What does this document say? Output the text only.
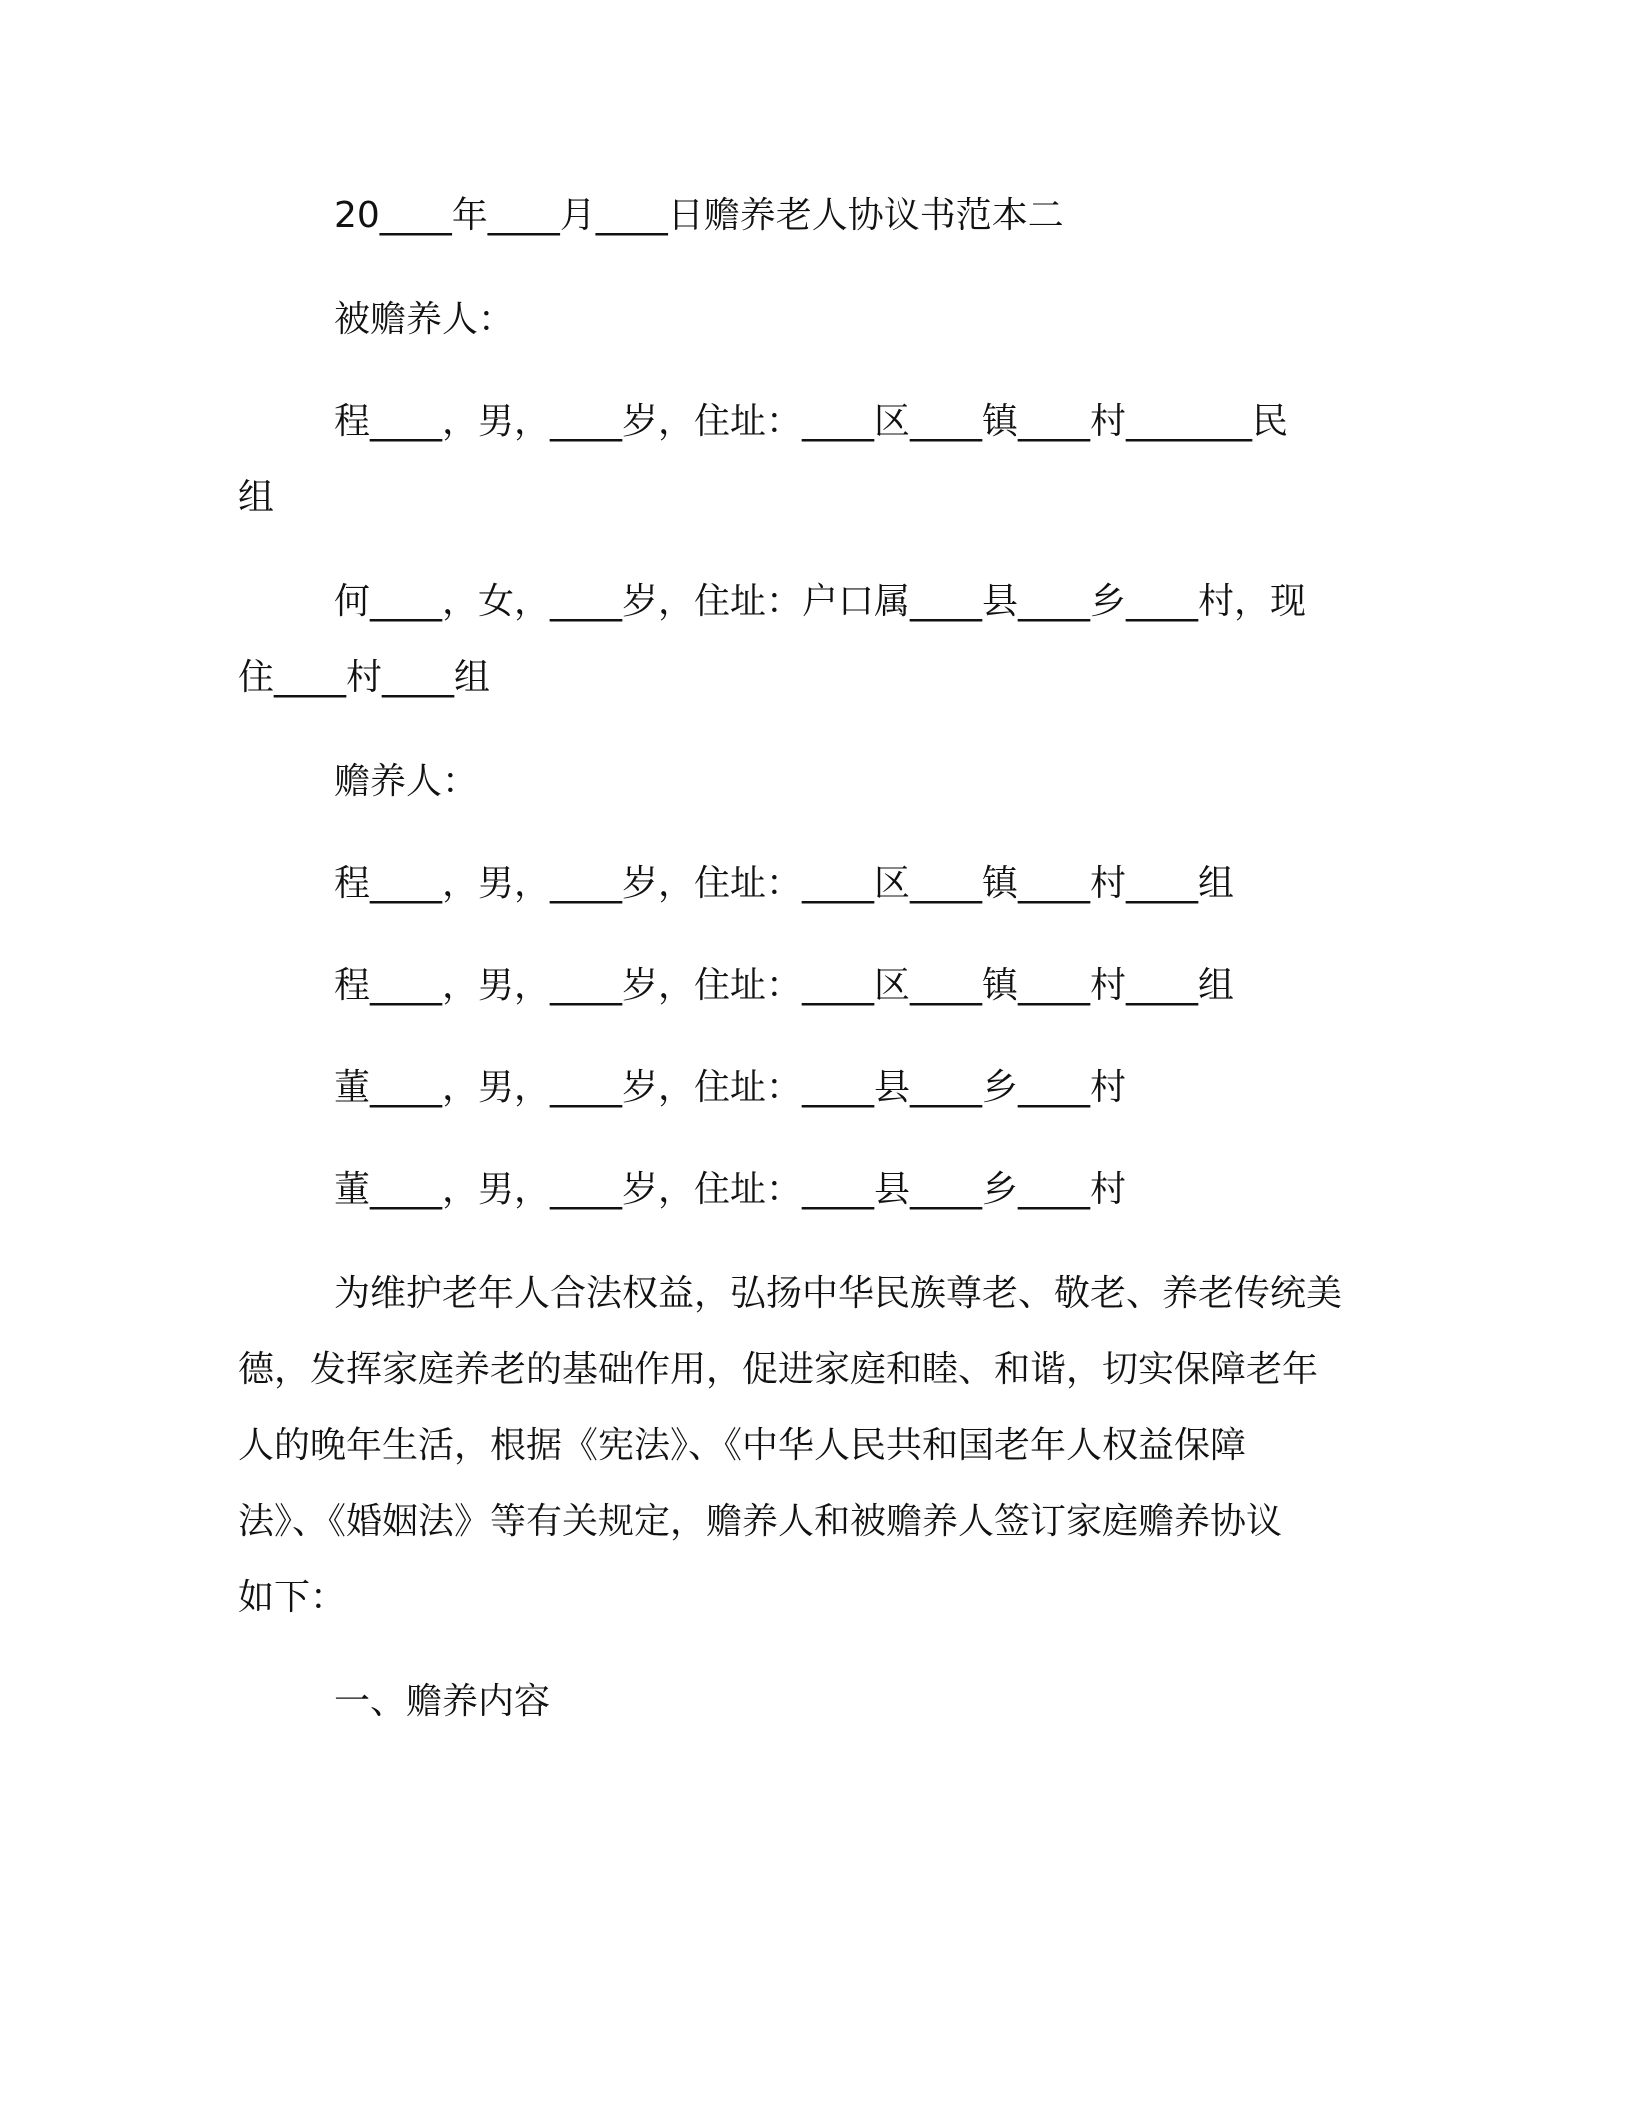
20____年____月____日赡养老人协议书范本二
被赡养人：
程____，男，____岁，住址：____区____镇____村_______民
组
何____，女，____岁，住址：户口属____县____乡____村，现
住____村____组
赡养人：
程____，男，____岁，住址：____区____镇____村____组
程____，男，____岁，住址：____区____镇____村____组
董____，男，____岁，住址：____县____乡____村
董____，男，____岁，住址：____县____乡____村
为维护老年人合法权益，弘扬中华民族尊老、敬老、养老传统美
德，发挥家庭养老的基础作用，促进家庭和睦、和谐，切实保障老年
人的晚年生活，根据《宪法》、《中华人民共和国老年人权益保障
法》、《婚姻法》等有关规定，赡养人和被赡养人签订家庭赡养协议
如下：
一、赡养内容
